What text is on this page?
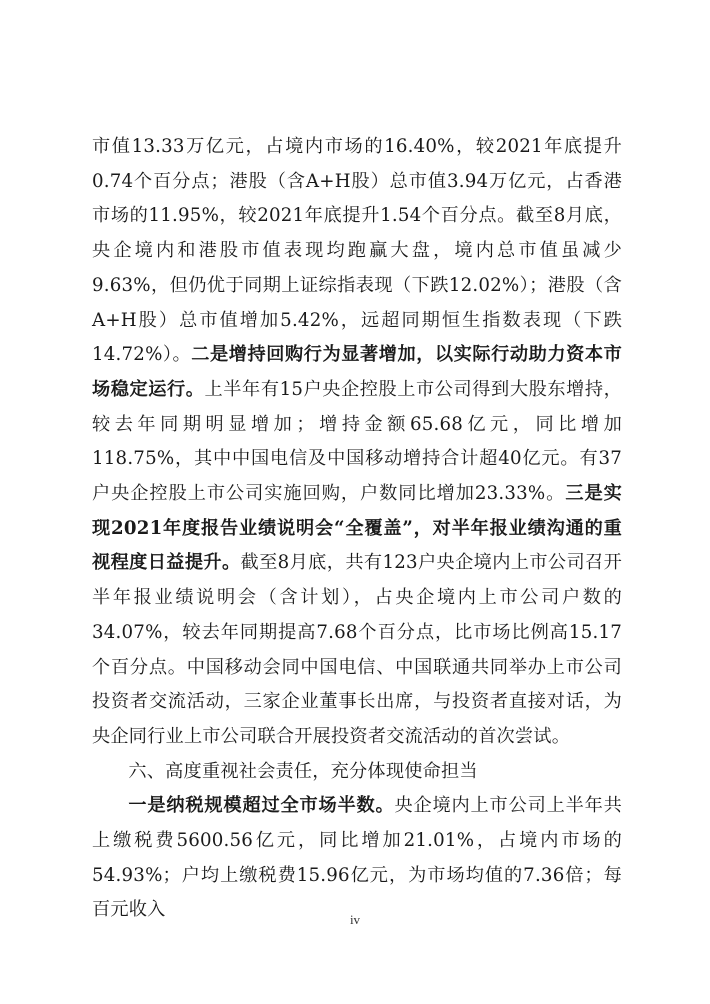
市值13.33万亿元，占境内市场的16.40%，较2021年底提升0.74个百分点；港股（含A+H股）总市值3.94万亿元，占香港市场的11.95%，较2021年底提升1.54个百分点。截至8月底，央企境内和港股市值表现均跑赢大盘，境内总市值虽减少9.63%，但仍优于同期上证综指表现（下跌12.02%）；港股（含A+H股）总市值增加5.42%，远超同期恒生指数表现（下跌14.72%）。二是增持回购行为显著增加，以实际行动助力资本市场稳定运行。上半年有15户央企控股上市公司得到大股东增持，较去年同期明显增加；增持金额65.68亿元，同比增加118.75%，其中中国电信及中国移动增持合计超40亿元。有37户央企控股上市公司实施回购，户数同比增加23.33%。三是实现2021年度报告业绩说明会“全覆盖”，对半年报业绩沟通的重视程度日益提升。截至8月底，共有123户央企境内上市公司召开半年报业绩说明会（含计划），占央企境内上市公司户数的34.07%，较去年同期提高7.68个百分点，比市场比例高15.17个百分点。中国移动会同中国电信、中国联通共同举办上市公司投资者交流活动，三家企业董事长出席，与投资者直接对话，为央企同行业上市公司联合开展投资者交流活动的首次尝试。

六、高度重视社会责任，充分体现使命担当

一是纳税规模超过全市场半数。央企境内上市公司上半年共上缴税费5600.56亿元，同比增加21.01%，占境内市场的54.93%；户均上缴税费15.96亿元，为市场均值的7.36倍；每百元收入	iv
